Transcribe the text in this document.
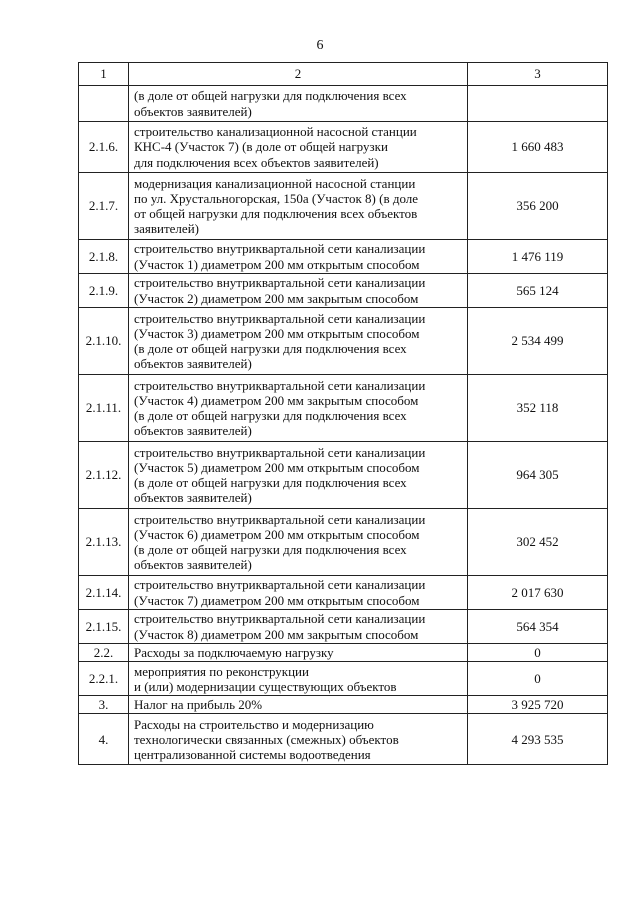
6
1	2	3

	(в доле от общей нагрузки для подключения всех
объектов заявителей)	

2.1.6.	строительство канализационной насосной станции
КНС-4 (Участок 7) (в доле от общей нагрузки
для подключения всех объектов заявителей)	1 660 483
2.1.7.	модернизация канализационной насосной станции
по ул. Хрустальногорская, 150а (Участок 8) (в доле
от общей нагрузки для подключения всех объектов
заявителей)	356 200
2.1.8.	строительство внутриквартальной сети канализации
(Участок 1) диаметром 200 мм открытым способом	1 476 119
2.1.9.	строительство внутриквартальной сети канализации
(Участок 2) диаметром 200 мм закрытым способом	565 124
2.1.10.	строительство внутриквартальной сети канализации
(Участок 3) диаметром 200 мм открытым способом
(в доле от общей нагрузки для подключения всех
объектов заявителей)	2 534 499
2.1.11.	строительство внутриквартальной сети канализации
(Участок 4) диаметром 200 мм закрытым способом
(в доле от общей нагрузки для подключения всех
объектов заявителей)	352 118
2.1.12.	строительство внутриквартальной сети канализации
(Участок 5) диаметром 200 мм открытым способом
(в доле от общей нагрузки для подключения всех
объектов заявителей)	964 305
2.1.13.	строительство внутриквартальной сети канализации
(Участок 6) диаметром 200 мм открытым способом
(в доле от общей нагрузки для подключения всех
объектов заявителей)	302 452
2.1.14.	строительство внутриквартальной сети канализации
(Участок 7) диаметром 200 мм открытым способом	2 017 630
2.1.15.	строительство внутриквартальной сети канализации
(Участок 8) диаметром 200 мм закрытым способом	564 354
2.2.	Расходы за подключаемую нагрузку	0
2.2.1.	мероприятия по реконструкции
и (или) модернизации существующих объектов	0
3.	Налог на прибыль 20%	3 925 720
4.	Расходы на строительство и модернизацию
технологически связанных (смежных) объектов
централизованной системы водоотведения	4 293 535
